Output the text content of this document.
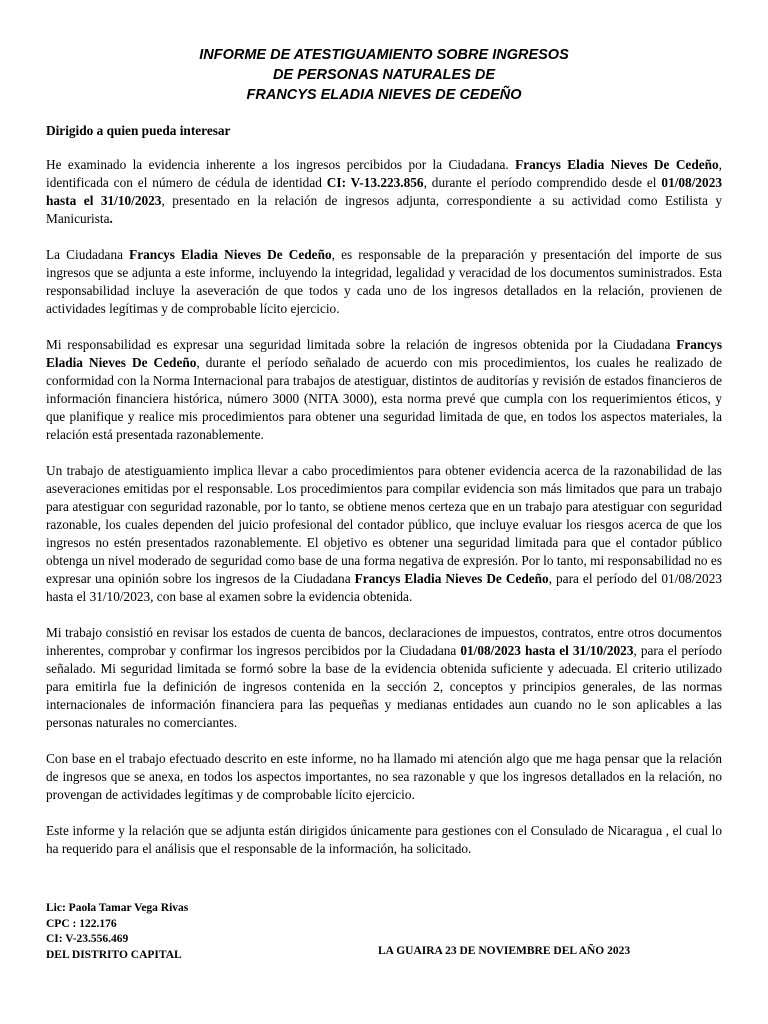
INFORME DE ATESTIGUAMIENTO SOBRE INGRESOS
DE PERSONAS NATURALES DE
FRANCYS ELADIA NIEVES DE CEDEÑO
Dirigido a quien pueda interesar

He examinado la evidencia inherente a los ingresos percibidos por la Ciudadana. Francys Eladia Nieves De Cedeño, identificada con el número de cédula de identidad CI: V-13.223.856, durante el período comprendido desde el 01/08/2023 hasta el 31/10/2023, presentado en la relación de ingresos adjunta, correspondiente a su actividad como Estilista y Manicurista.

La Ciudadana Francys Eladia Nieves De Cedeño, es responsable de la preparación y presentación del importe de sus ingresos que se adjunta a este informe, incluyendo la integridad, legalidad y veracidad de los documentos suministrados. Esta responsabilidad incluye la aseveración de que todos y cada uno de los ingresos detallados en la relación, provienen de actividades legítimas y de comprobable lícito ejercicio.

Mi responsabilidad es expresar una seguridad limitada sobre la relación de ingresos obtenida por la Ciudadana Francys Eladia Nieves De Cedeño, durante el período señalado de acuerdo con mis procedimientos, los cuales he realizado de conformidad con la Norma Internacional para trabajos de atestiguar, distintos de auditorías y revisión de estados financieros de información financiera histórica, número 3000 (NITA 3000), esta norma prevé que cumpla con los requerimientos éticos, y que planifique y realice mis procedimientos para obtener una seguridad limitada de que, en todos los aspectos materiales, la relación está presentada razonablemente.

Un trabajo de atestiguamiento implica llevar a cabo procedimientos para obtener evidencia acerca de la razonabilidad de las aseveraciones emitidas por el responsable. Los procedimientos para compilar evidencia son más limitados que para un trabajo para atestiguar con seguridad razonable, por lo tanto, se obtiene menos certeza que en un trabajo para atestiguar con seguridad razonable, los cuales dependen del juicio profesional del contador público, que incluye evaluar los riesgos acerca de que los ingresos no estén presentados razonablemente. El objetivo es obtener una seguridad limitada para que el contador público obtenga un nivel moderado de seguridad como base de una forma negativa de expresión. Por lo tanto, mi responsabilidad no es expresar una opinión sobre los ingresos de la Ciudadana Francys Eladia Nieves De Cedeño, para el período del 01/08/2023 hasta el 31/10/2023, con base al examen sobre la evidencia obtenida.

Mi trabajo consistió en revisar los estados de cuenta de bancos, declaraciones de impuestos, contratos, entre otros documentos inherentes, comprobar y confirmar los ingresos percibidos por la Ciudadana 01/08/2023 hasta el 31/10/2023, para el período señalado. Mi seguridad limitada se formó sobre la base de la evidencia obtenida suficiente y adecuada. El criterio utilizado para emitirla fue la definición de ingresos contenida en la sección 2, conceptos y principios generales, de las normas internacionales de información financiera para las pequeñas y medianas entidades aun cuando no le son aplicables a las personas naturales no comerciantes.

Con base en el trabajo efectuado descrito en este informe, no ha llamado mi atención algo que me haga pensar que la relación de ingresos que se anexa, en todos los aspectos importantes, no sea razonable y que los ingresos detallados en la relación, no provengan de actividades legítimas y de comprobable lícito ejercicio.

Este informe y la relación que se adjunta están dirigidos únicamente para gestiones con el Consulado de Nicaragua , el cual lo ha requerido para el análisis que el responsable de la información, ha solicitado.

Lic: Paola Tamar Vega Rivas
CPC : 122.176
CI: V-23.556.469
DEL DISTRITO CAPITAL	LA GUAIRA 23 DE NOVIEMBRE DEL AÑO 2023
